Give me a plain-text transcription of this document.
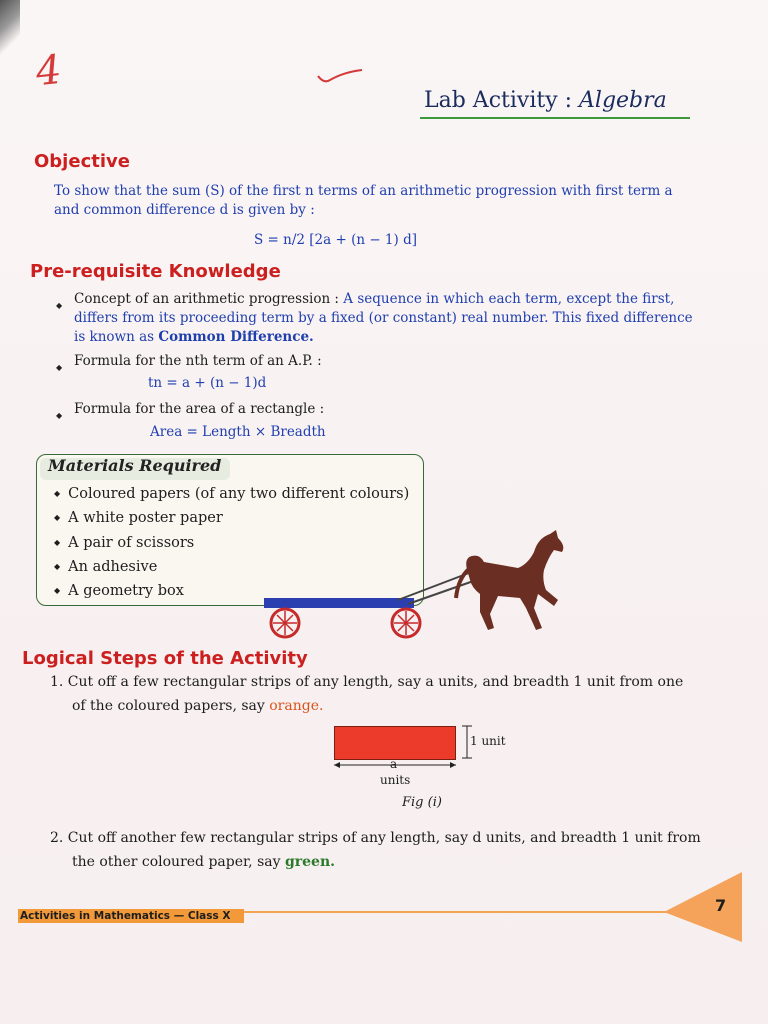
4
Lab Activity : Algebra
Objective
To show that the sum (S) of the first n terms of an arithmetic progression with first term a
and common difference d is given by :
S = n/2 [2a + (n − 1) d]
Pre-requisite Knowledge
◆ Concept of an arithmetic progression : A sequence in which each term, except the first,
differs from its proceeding term by a fixed (or constant) real number. This fixed difference
is known as Common Difference.
◆ Formula for the nth term of an A.P. :
tn = a + (n − 1)d
◆ Formula for the area of a rectangle :
Area = Length × Breadth
Materials Required
◆ Coloured papers (of any two different colours)
◆ A white poster paper
◆ A pair of scissors
◆ An adhesive
◆ A geometry box
Logical Steps of the Activity
1. Cut off a few rectangular strips of any length, say a units, and breadth 1 unit from one
of the coloured papers, say orange.
1 unit
a
units
Fig (i)
2. Cut off another few rectangular strips of any length, say d units, and breadth 1 unit from
the other coloured paper, say green.
Activities in Mathematics — Class X
7
